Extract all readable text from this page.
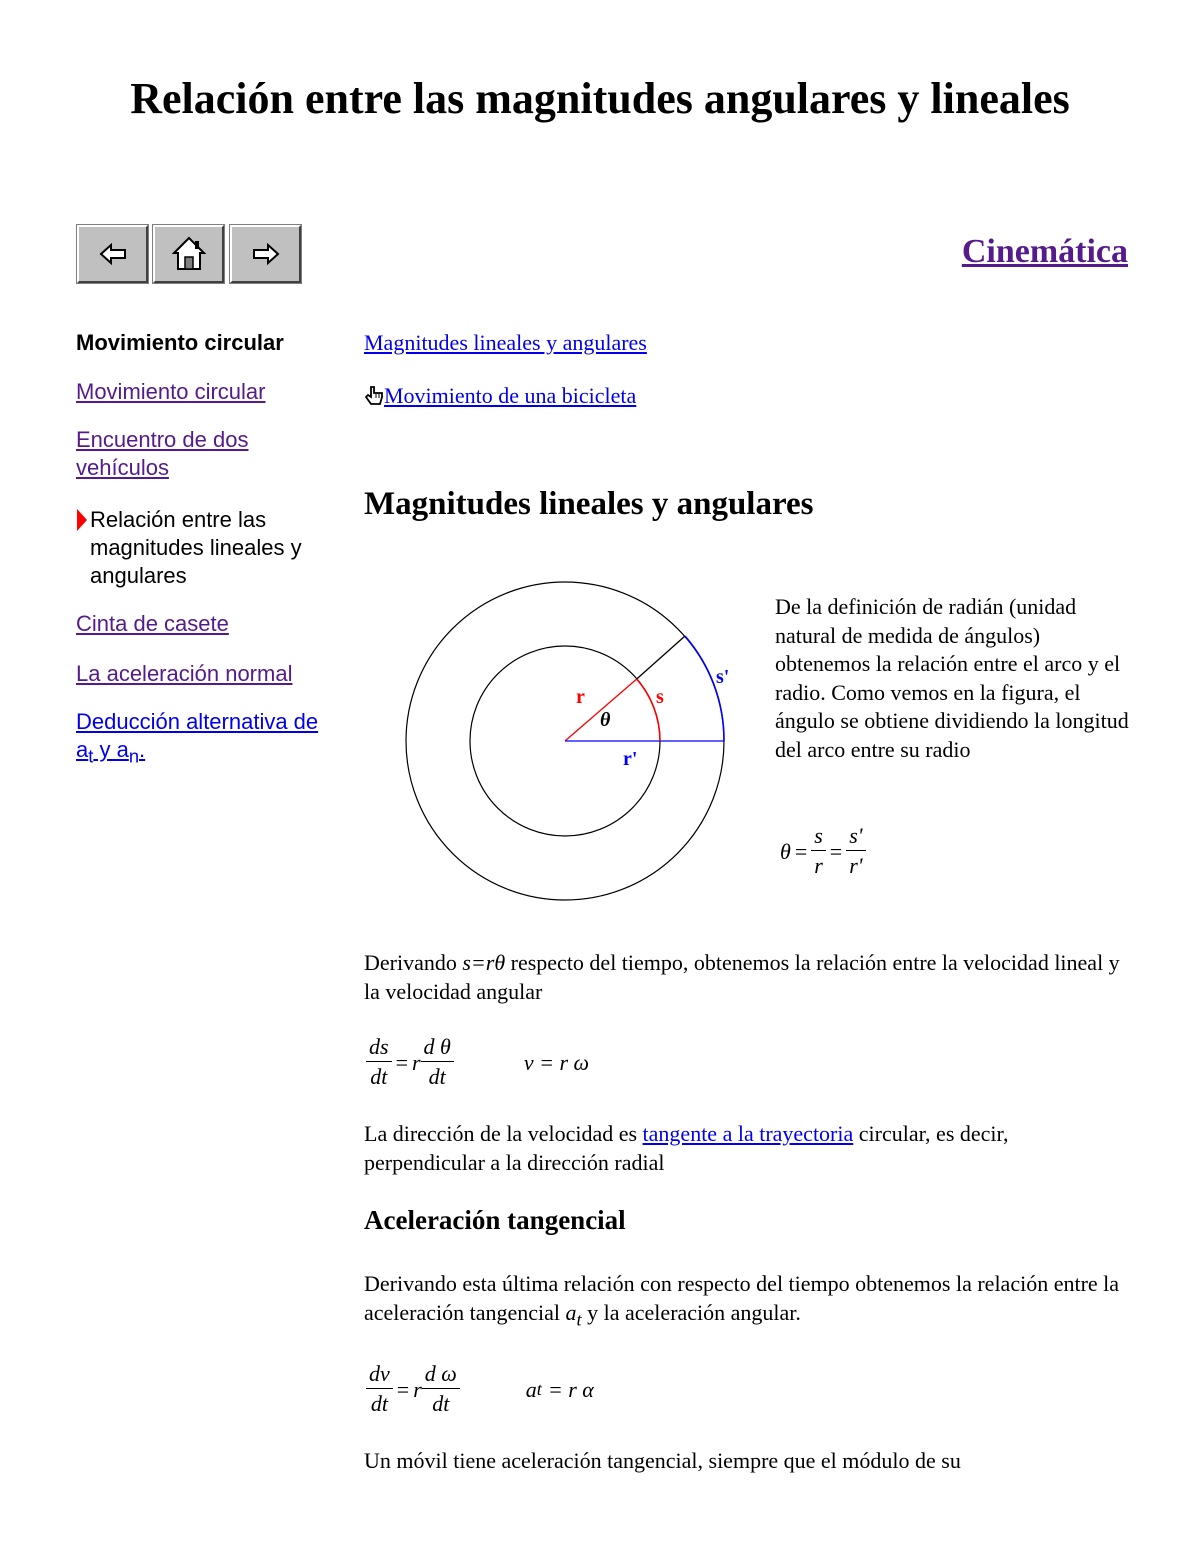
Relación entre las magnitudes angulares y lineales
Cinemática
Movimiento circular
Movimiento circular
Encuentro de dos vehículos
Relación entre las magnitudes lineales y angulares
Cinta de casete
La aceleración normal
Deducción alternativa de $a_t$ y $a_n$.
Magnitudes lineales y angulares
Movimiento de una bicicleta
Magnitudes lineales y angulares
r	s
s'
θ
r'

De la definición de radián (unidad natural de medida de ángulos) obtenemos la relación entre el arco y el radio. Como vemos en la figura, el ángulo se obtiene dividiendo la longitud del arco entre su radio

$\theta = \frac{s}{r} = \frac{s'}{r'}$

Derivando s=rθ respecto del tiempo, obtenemos la relación entre la velocidad lineal y la velocidad angular

$\frac{ds}{dt} = r \frac{\text{d θ}}{dt}$	v = r ω

La dirección de la velocidad es tangente a la trayectoria circular, es decir, perpendicular a la dirección radial

Aceleración tangencial

Derivando esta última relación con respecto del tiempo obtenemos la relación entre la aceleración tangencial $a_t$ y la aceleración angular.

$\frac{dv}{dt} = r \frac{\text{d ω}}{dt}$	a t = r α

Un móvil tiene aceleración tangencial, siempre que el módulo de su
